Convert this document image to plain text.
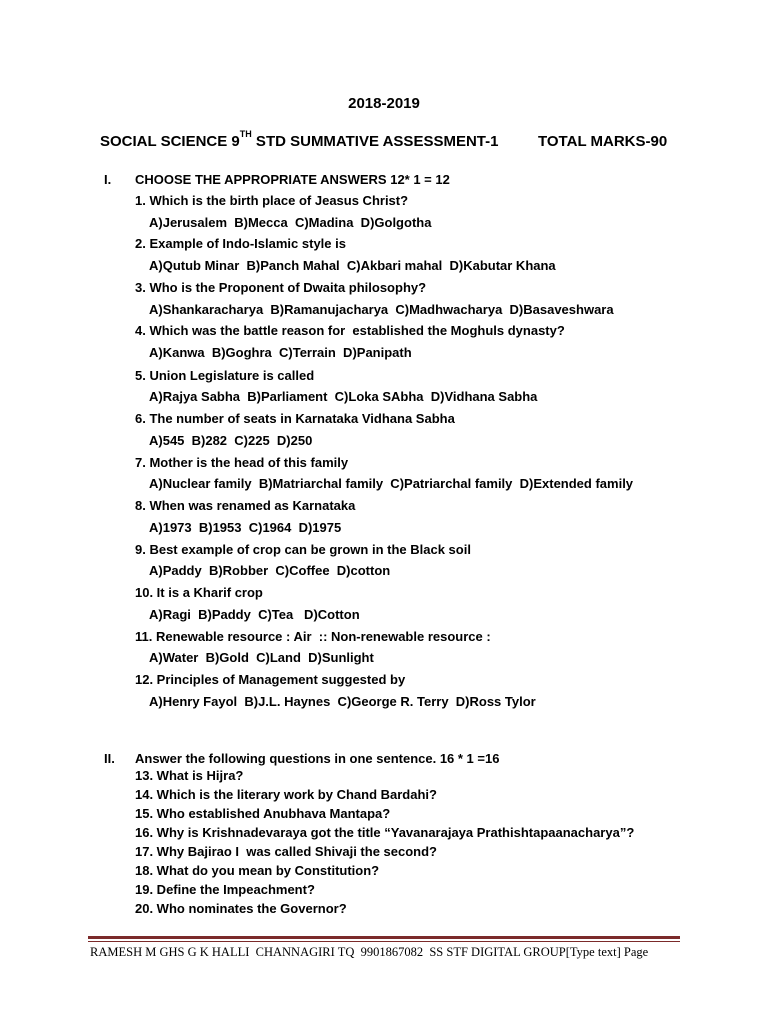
2018-2019
SOCIAL SCIENCE 9TH STD SUMMATIVE ASSESSMENT-1	TOTAL MARKS-90
I. CHOOSE THE APPROPRIATE ANSWERS 12* 1 = 12
1. Which is the birth place of Jeasus Christ?
A)Jerusalem  B)Mecca  C)Madina  D)Golgotha
2. Example of Indo-Islamic style is
A)Qutub Minar  B)Panch Mahal  C)Akbari mahal  D)Kabutar Khana
3. Who is the Proponent of Dwaita philosophy?
A)Shankaracharya  B)Ramanujacharya  C)Madhwacharya  D)Basaveshwara
4. Which was the battle reason for  established the Moghuls dynasty?
A)Kanwa  B)Goghra  C)Terrain  D)Panipath
5. Union Legislature is called
A)Rajya Sabha  B)Parliament  C)Loka SAbha  D)Vidhana Sabha
6. The number of seats in Karnataka Vidhana Sabha
A)545  B)282  C)225  D)250
7. Mother is the head of this family
A)Nuclear family  B)Matriarchal family  C)Patriarchal family  D)Extended family
8. When was renamed as Karnataka
A)1973  B)1953  C)1964  D)1975
9. Best example of crop can be grown in the Black soil
A)Paddy  B)Robber  C)Coffee  D)cotton
10. It is a Kharif crop
A)Ragi  B)Paddy  C)Tea   D)Cotton
11. Renewable resource : Air  :: Non-renewable resource :
A)Water  B)Gold  C)Land  D)Sunlight
12. Principles of Management suggested by
A)Henry Fayol  B)J.L. Haynes  C)George R. Terry  D)Ross Tylor
II. Answer the following questions in one sentence. 16 * 1 =16
13. What is Hijra?
14. Which is the literary work by Chand Bardahi?
15. Who established Anubhava Mantapa?
16. Why is Krishnadevaraya got the title “Yavanarajaya Prathishtapaanacharya”?
17. Why Bajirao I  was called Shivaji the second?
18. What do you mean by Constitution?
19. Define the Impeachment?
20. Who nominates the Governor?
RAMESH M GHS G K HALLI  CHANNAGIRI TQ  9901867082  SS STF DIGITAL GROUP[Type text] Page
